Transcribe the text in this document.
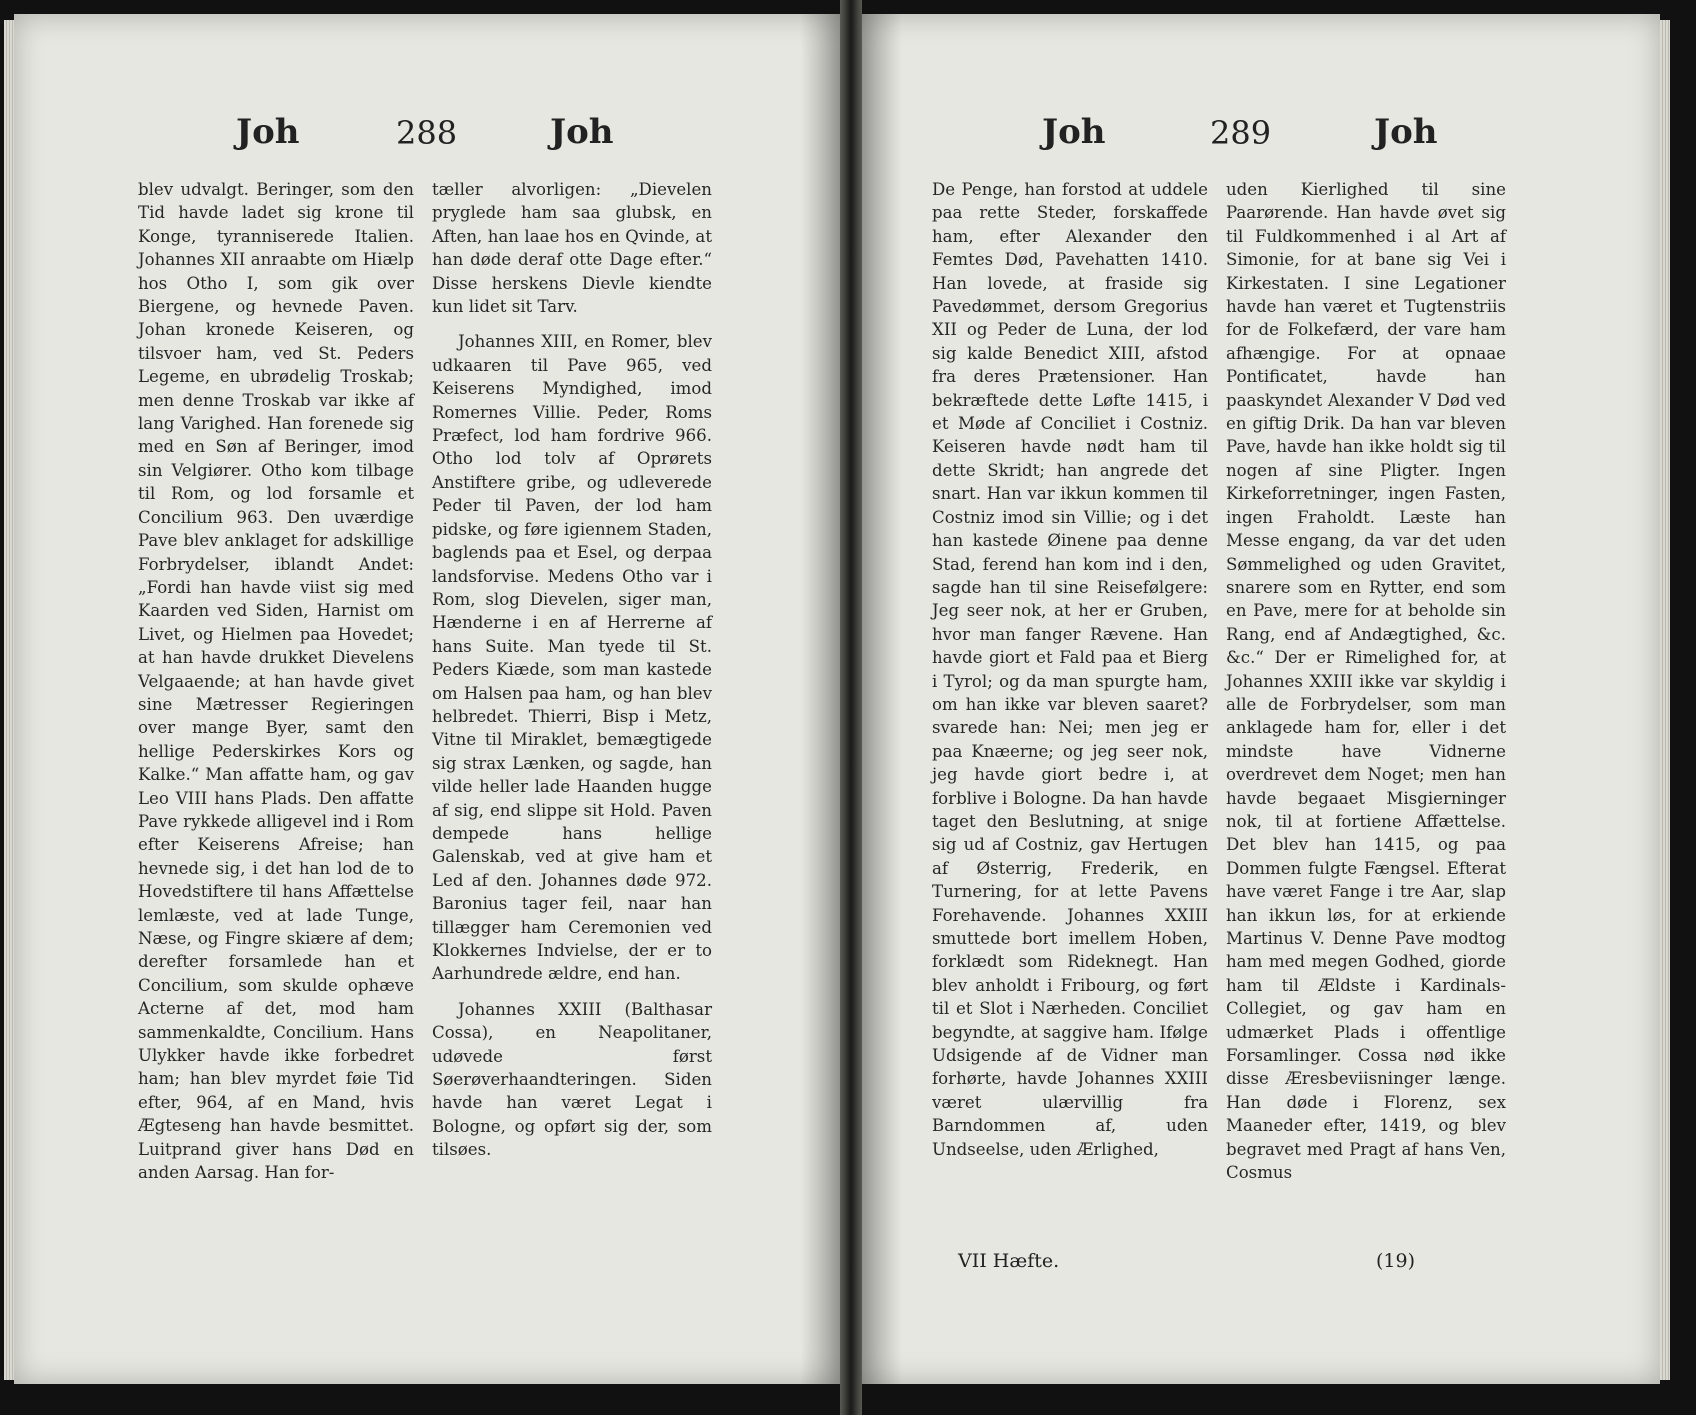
Joh	288	Joh

blev udvalgt. Beringer, som den Tid havde ladet sig krone til Konge, tyranniserede Italien. Johannes XII anraabte om Hiælp hos Otho I, som gik over Biergene, og hevnede Paven. Johan kronede Keiseren, og tilsvoer ham, ved St. Peders Legeme, en ubrødelig Troskab; men denne Troskab var ikke af lang Varighed. Han forenede sig med en Søn af Beringer, imod sin Velgiører. Otho kom tilbage til Rom, og lod forsamle et Concilium 963. Den uværdige Pave blev anklaget for adskillige Forbrydelser, iblandt Andet: „Fordi han havde viist sig med Kaarden ved Siden, Harnist om Livet, og Hielmen paa Hovedet; at han havde drukket Dievelens Velgaaende; at han havde givet sine Mætresser Regieringen over mange Byer, samt den hellige Pederskirkes Kors og Kalke.“ Man affatte ham, og gav Leo VIII hans Plads. Den affatte Pave rykkede alligevel ind i Rom efter Keiserens Afreise; han hevnede sig, i det han lod de to Hovedstiftere til hans Affættelse lemlæste, ved at lade Tunge, Næse, og Fingre skiære af dem; derefter forsamlede han et Concilium, som skulde ophæve Acterne af det, mod ham sammenkaldte, Concilium. Hans Ulykker havde ikke forbedret ham; han blev myrdet føie Tid efter, 964, af en Mand, hvis Ægteseng han havde besmittet. Luitprand giver hans Død en anden Aarsag. Han for-

tæller alvorligen: „Dievelen pryglede ham saa glubsk, en Aften, han laae hos en Qvinde, at han døde deraf otte Dage efter.“ Disse herskens Dievle kiendte kun lidet sit Tarv.

Johannes XIII, en Romer, blev udkaaren til Pave 965, ved Keiserens Myndighed, imod Romernes Villie. Peder, Roms Præfect, lod ham fordrive 966. Otho lod tolv af Oprørets Anstiftere gribe, og udleverede Peder til Paven, der lod ham pidske, og føre igiennem Staden, baglends paa et Esel, og derpaa landsforvise. Medens Otho var i Rom, slog Dievelen, siger man, Hænderne i en af Herrerne af hans Suite. Man tyede til St. Peders Kiæde, som man kastede om Halsen paa ham, og han blev helbredet. Thierri, Bisp i Metz, Vitne til Miraklet, bemægtigede sig strax Lænken, og sagde, han vilde heller lade Haanden hugge af sig, end slippe sit Hold. Paven dempede hans hellige Galenskab, ved at give ham et Led af den. Johannes døde 972. Baronius tager feil, naar han tillægger ham Ceremonien ved Klokkernes Indvielse, der er to Aarhundrede ældre, end han.

Johannes XXIII (Balthasar Cossa), en Neapolitaner, udøvede først Søerøverhaandteringen. Siden havde han været Legat i Bologne, og opført sig der, som tilsøes.

Joh	289	Joh

De Penge, han forstod at uddele paa rette Steder, forskaffede ham, efter Alexander den Femtes Død, Pavehatten 1410. Han lovede, at fraside sig Pavedømmet, dersom Gregorius XII og Peder de Luna, der lod sig kalde Benedict XIII, afstod fra deres Prætensioner. Han bekræftede dette Løfte 1415, i et Møde af Conciliet i Costniz. Keiseren havde nødt ham til dette Skridt; han angrede det snart. Han var ikkun kommen til Costniz imod sin Villie; og i det han kastede Øinene paa denne Stad, ferend han kom ind i den, sagde han til sine Reisefølgere: Jeg seer nok, at her er Gruben, hvor man fanger Rævene. Han havde giort et Fald paa et Bierg i Tyrol; og da man spurgte ham, om han ikke var bleven saaret? svarede han: Nei; men jeg er paa Knæerne; og jeg seer nok, jeg havde giort bedre i, at forblive i Bologne. Da han havde taget den Beslutning, at snige sig ud af Costniz, gav Hertugen af Østerrig, Frederik, en Turnering, for at lette Pavens Forehavende. Johannes XXIII smuttede bort imellem Hoben, forklædt som Rideknegt. Han blev anholdt i Fribourg, og ført til et Slot i Nærheden. Conciliet begyndte, at saggive ham. Ifølge Udsigende af de Vidner man forhørte, havde Johannes XXIII været ulærvillig fra Barndommen af, uden Undseelse, uden Ærlighed,

uden Kierlighed til sine Paarørende. Han havde øvet sig til Fuldkommenhed i al Art af Simonie, for at bane sig Vei i Kirkestaten. I sine Legationer havde han været et Tugtenstriis for de Folkefærd, der vare ham afhængige. For at opnaae Pontificatet, havde han paaskyndet Alexander V Død ved en giftig Drik. Da han var bleven Pave, havde han ikke holdt sig til nogen af sine Pligter. Ingen Kirkeforretninger, ingen Fasten, ingen Fraholdt. Læste han Messe engang, da var det uden Sømmelighed og uden Gravitet, snarere som en Rytter, end som en Pave, mere for at beholde sin Rang, end af Andægtighed, &c. &c.“ Der er Rimelighed for, at Johannes XXIII ikke var skyldig i alle de Forbrydelser, som man anklagede ham for, eller i det mindste have Vidnerne overdrevet dem Noget; men han havde begaaet Misgierninger nok, til at fortiene Affættelse. Det blev han 1415, og paa Dommen fulgte Fængsel. Efterat have været Fange i tre Aar, slap han ikkun løs, for at erkiende Martinus V. Denne Pave modtog ham med megen Godhed, giorde ham til Ældste i Kardinals-Collegiet, og gav ham en udmærket Plads i offentlige Forsamlinger. Cossa nød ikke disse Æresbeviisninger længe. Han døde i Florenz, sex Maaneder efter, 1419, og blev begravet med Pragt af hans Ven, Cosmus

VII Hæfte.	(19)
